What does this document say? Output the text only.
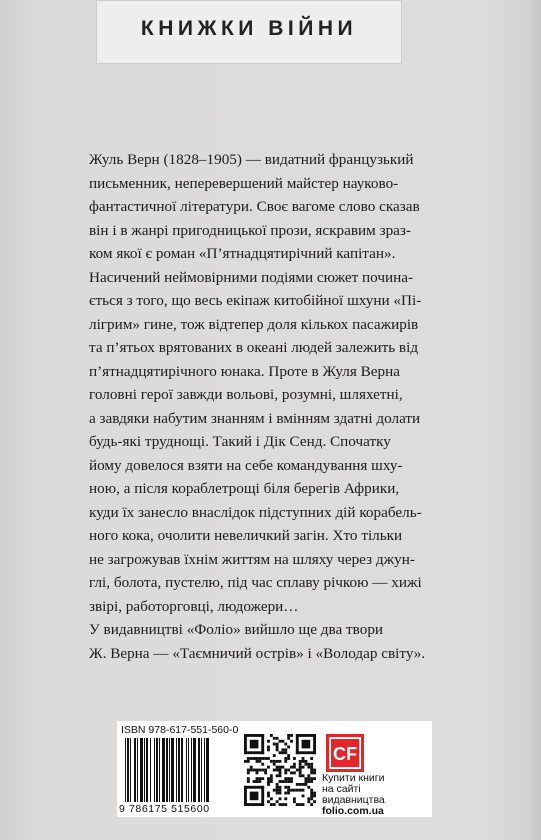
КНИЖКИ ВІЙНИ

Жуль Верн (1828–1905) — видатний французький

письменник, неперевершений майстер науково-

фантастичної літератури. Своє вагоме слово сказав

він і в жанрі пригодницької прози, яскравим зраз-

ком якої є роман «П’ятнадцятирічний капітан».

Насичений неймовірними подіями сюжет починa-

ється з того, що весь екіпаж китобійної шхуни «Пі-

лігрим» гине, тож відтепер доля кількох пасажирів

та п’ятьох врятованих в океані людей залежить від

п’ятнадцятирічного юнака. Проте в Жуля Верна

головні герої завжди вольові, розумні, шляхетні,

а завдяки набутим знанням і вмінням здатні долати

будь-які труднощі. Такий і Дік Сенд. Спочатку

йому довелося взяти на себе командування шху-

ною, а після кораблетрощі біля берегів Африки,

куди їх занесло внаслідок підступних дій корабель-

ного кока, очолити невеличкий загін. Хто тільки

не загрожував їхнім життям на шляху через джун-

глі, болота, пустелю, під час сплаву річкою — хижі

звірі, работорговці, людожери…

У видавництві «Фоліо» вийшло ще два твори

Ж. Верна — «Таємничий острів» і «Володар світу».

ISBN 978-617-551-560-0
9 786175 515600
CF
Купити книги
на сайті
видавництва
folio.com.ua
